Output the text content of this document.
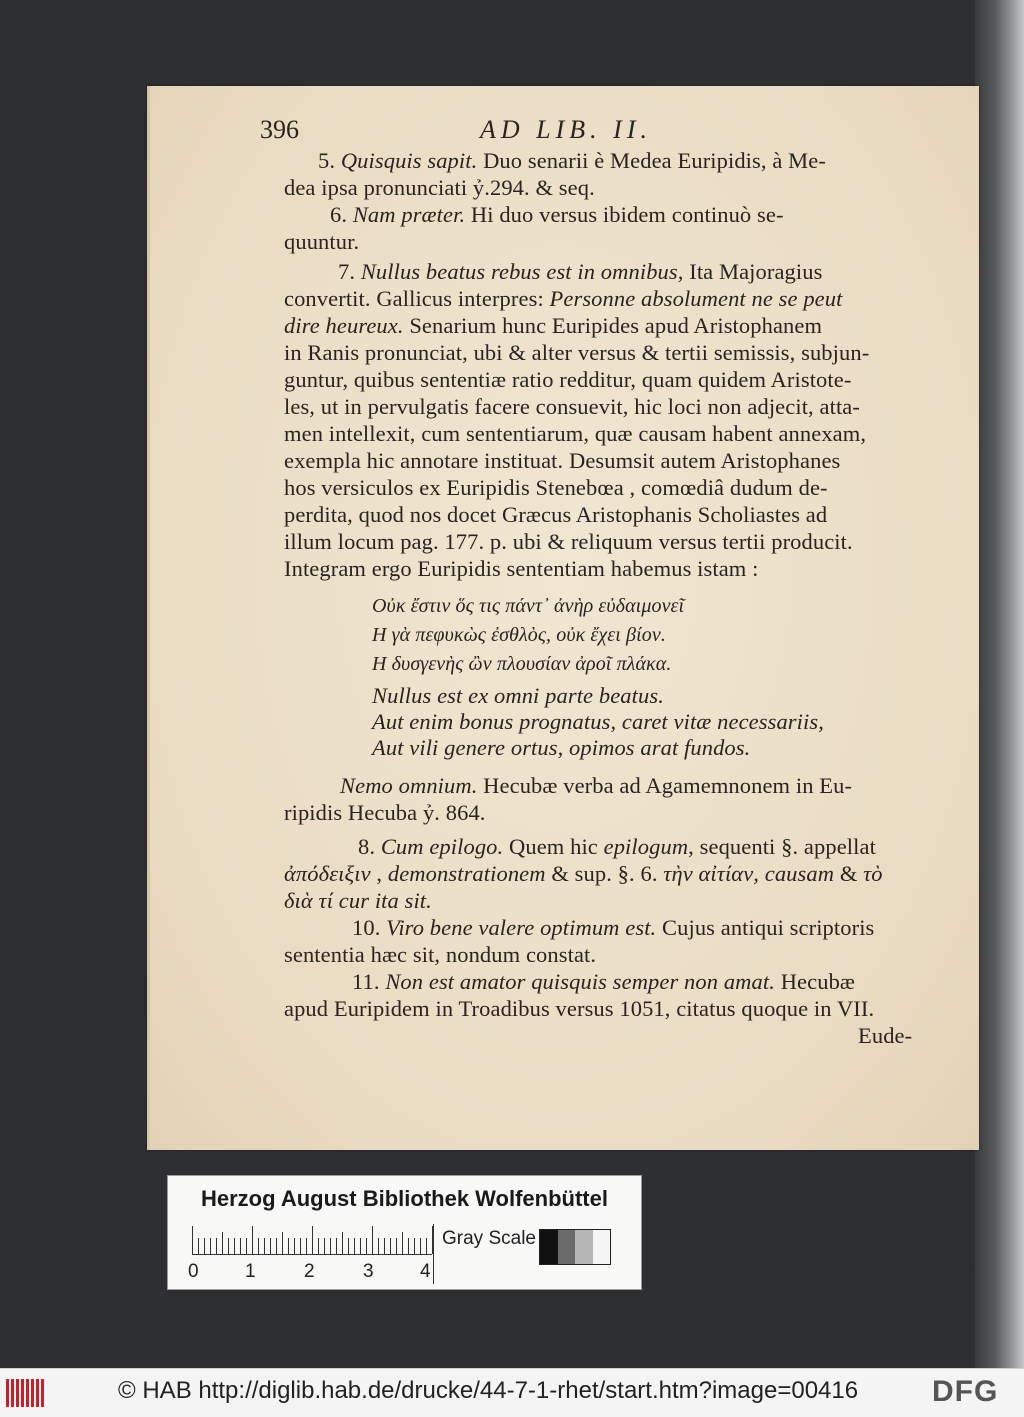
396	AD LIB. II.
5. Quisquis sapit. Duo senarii è Medea Euripidis, à Me-
dea ipsa pronunciati ỷ.294. & seq.
6. Nam præter. Hi duo versus ibidem continuò se-
quuntur.
7. Nullus beatus rebus est in omnibus, Ita Majoragius
convertit. Gallicus interpres: Personne absolument ne se peut
dire heureux. Senarium hunc Euripides apud Aristophanem
in Ranis pronunciat, ubi & alter versus & tertii semissis, subjun-
guntur, quibus sententiæ ratio redditur, quam quidem Aristote-
les, ut in pervulgatis facere consuevit, hic loci non adjecit, atta-
men intellexit, cum sententiarum, quæ causam habent annexam,
exempla hic annotare instituat. Desumsit autem Aristophanes
hos versiculos ex Euripidis Stenebœa , comœdiâ dudum de-
perdita, quod nos docet Græcus Aristophanis Scholiastes ad
illum locum pag. 177. p. ubi & reliquum versus tertii producit.
Integram ergo Euripidis sententiam habemus istam :
Οὐκ ἔστιν ὅς τις πάντ᾽ ἀνὴρ εὐδαιμονεῖ
Η γὰ πεφυκὼς ἐσθλὸς, οὐκ ἔχει βίον.
Η δυσγενὴς ὢν πλουσίαν ἀροῖ πλάκα.
Nullus est ex omni parte beatus.
Aut enim bonus prognatus, caret vitæ necessariis,
Aut vili genere ortus, opimos arat fundos.
Nemo omnium. Hecubæ verba ad Agamemnonem in Eu-
ripidis Hecuba ỷ. 864.
8. Cum epilogo. Quem hic epilogum, sequenti §. appellat
ἀπόδειξιν , demonstrationem & sup. §. 6. τὴν αἰτίαν, causam & τὸ
διὰ τί cur ita sit.
10. Viro bene valere optimum est. Cujus antiqui scriptoris
sententia hæc sit, nondum constat.
11. Non est amator quisquis semper non amat. Hecubæ
apud Euripidem in Troadibus versus 1051, citatus quoque in VII.
Eude-
Herzog August Bibliothek Wolfenbüttel
0 1	2	3 4
Gray Scale
© HAB http://diglib.hab.de/drucke/44-7-1-rhet/start.htm?image=00416 DFG
